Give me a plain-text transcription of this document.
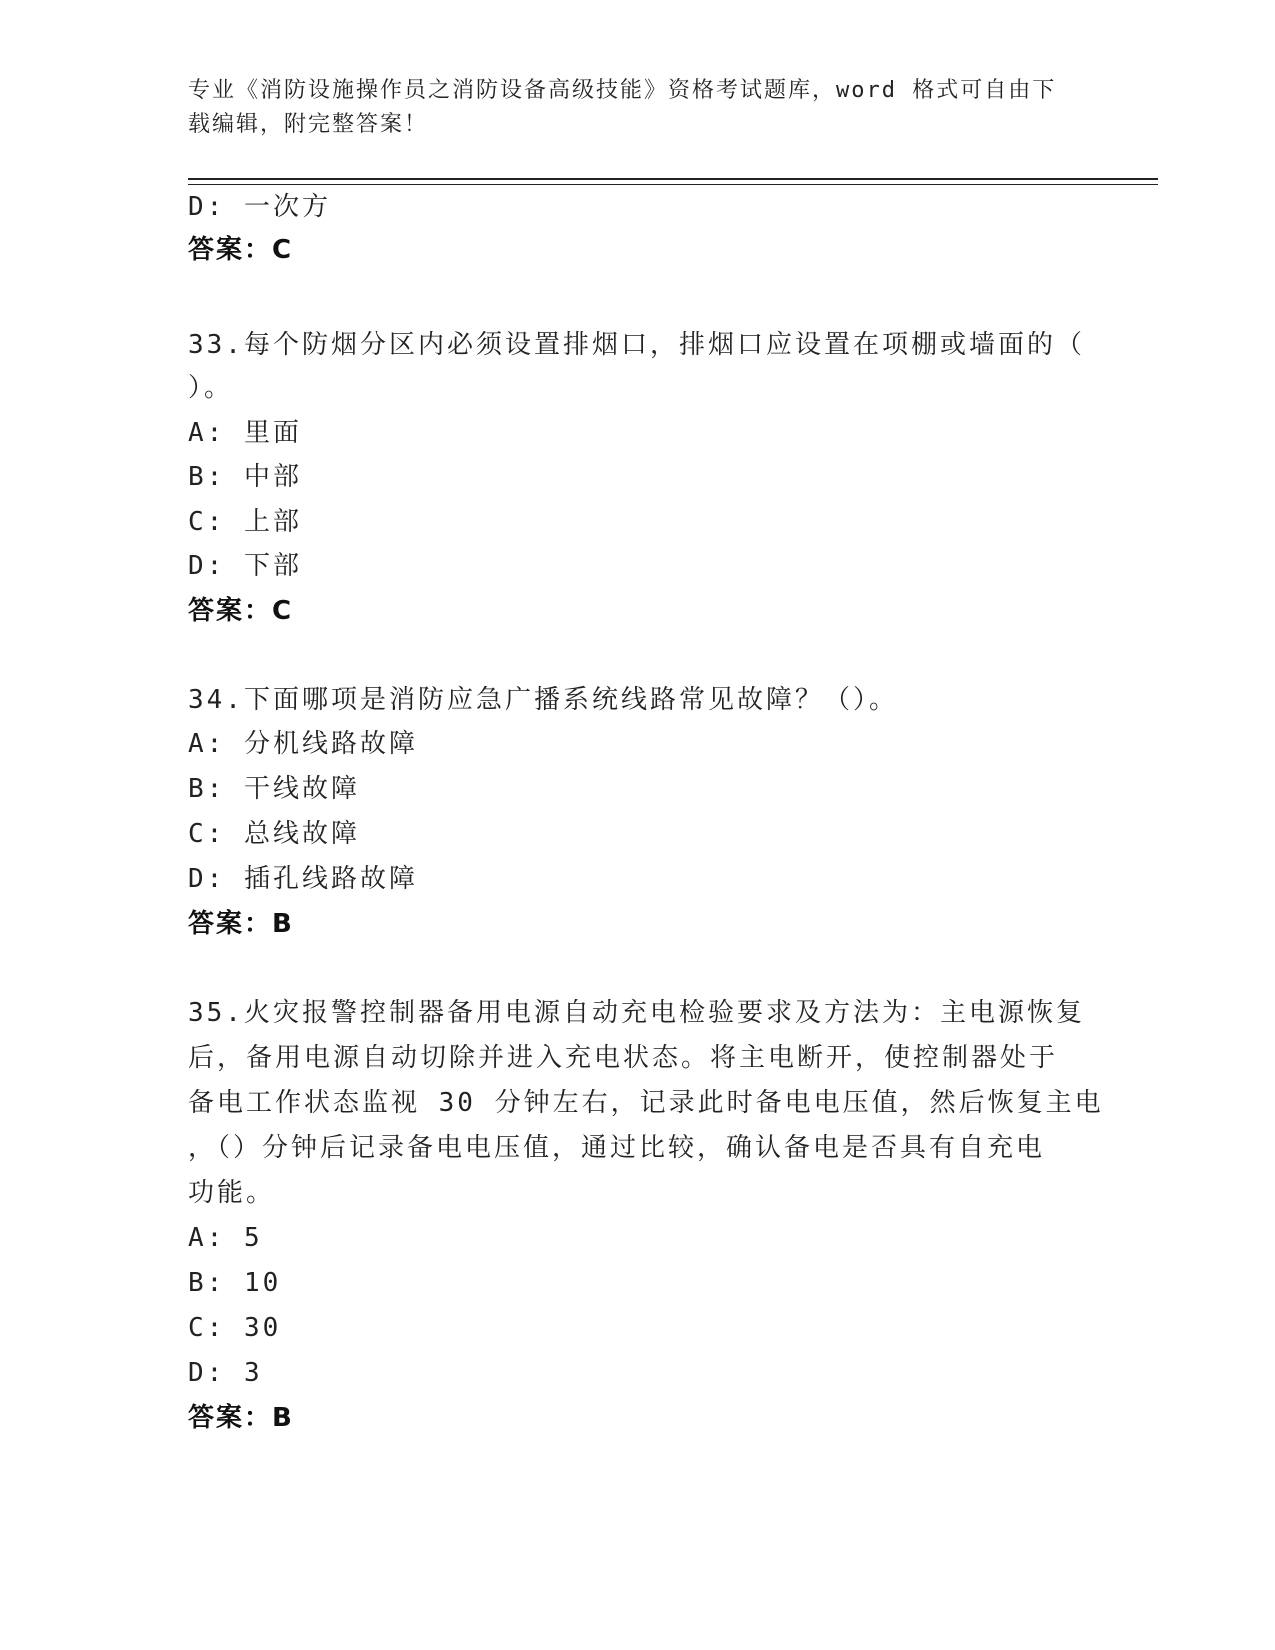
专业《消防设施操作员之消防设备高级技能》资格考试题库，word 格式可自由下
载编辑，附完整答案！
D: 一次方
答案：C
33.每个防烟分区内必须设置排烟口，排烟口应设置在项棚或墙面的（
）。
A: 里面
B: 中部
C: 上部
D: 下部
答案：C
34.下面哪项是消防应急广播系统线路常见故障？（）。
A: 分机线路故障
B: 干线故障
C: 总线故障
D: 插孔线路故障
答案：B
35.火灾报警控制器备用电源自动充电检验要求及方法为：主电源恢复
后，备用电源自动切除并进入充电状态。将主电断开，使控制器处于
备电工作状态监视 30 分钟左右，记录此时备电电压值，然后恢复主电
，（）分钟后记录备电电压值，通过比较，确认备电是否具有自充电
功能。
A: 5
B: 10
C: 30
D: 3
答案：B
